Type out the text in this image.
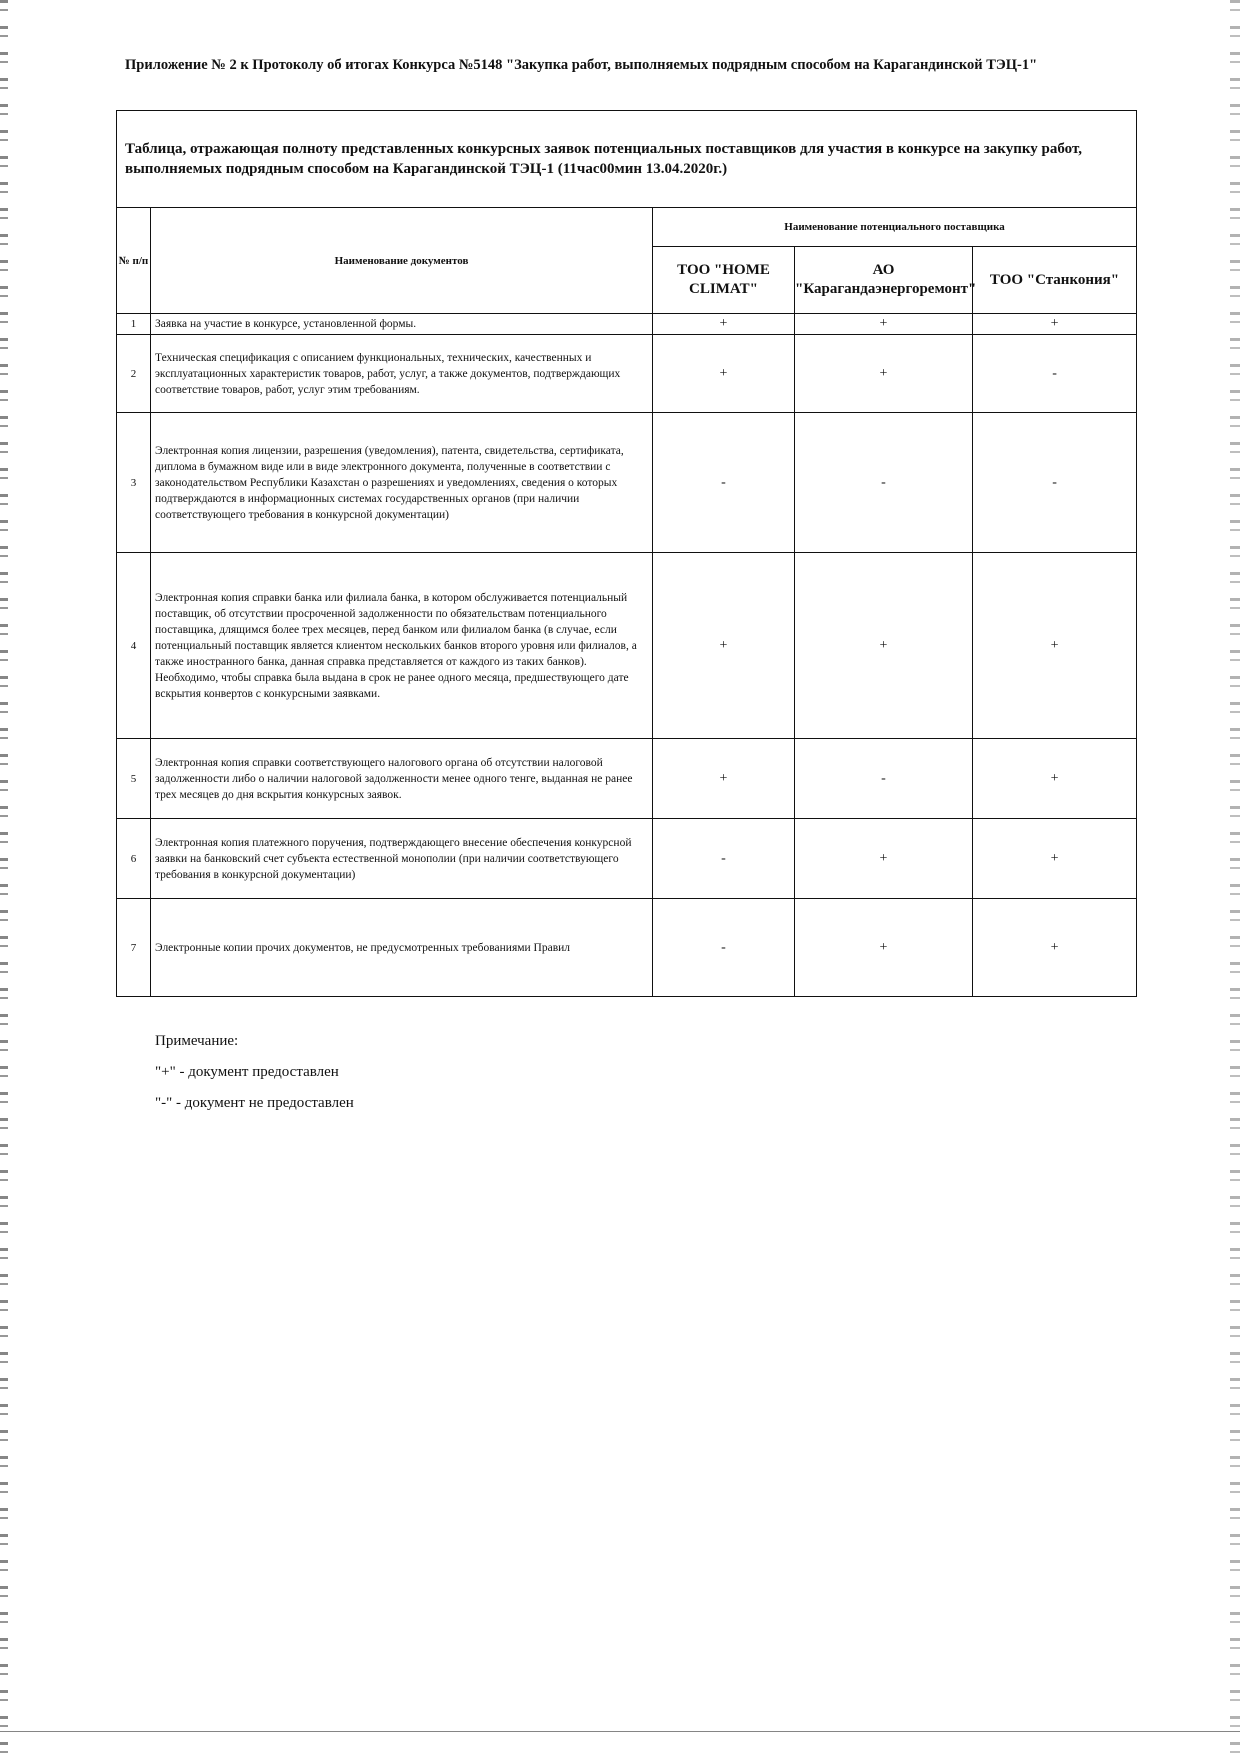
Приложение № 2 к Протоколу об итогах Конкурса №5148 "Закупка работ, выполняемых подрядным способом на Карагандинской ТЭЦ-1"
Таблица, отражающая полноту представленных конкурсных заявок потенциальных поставщиков для участия в конкурсе на закупку работ, выполняемых подрядным способом на Карагандинской ТЭЦ-1 (11час00мин 13.04.2020г.)				
№ п/п	Наименование документов	Наименование потенциального поставщика		
		ТОО "HOME CLIMAT"	АО "Карагандаэнергоремонт"	ТОО "Станкония"
1	Заявка на участие в конкурсе, установленной формы.	+	+	+
2	Техническая спецификация с описанием функциональных, технических, качественных и эксплуатационных характеристик товаров, работ, услуг, а также документов, подтверждающих соответствие товаров, работ, услуг этим требованиям.	+	+	-
3	Электронная копия лицензии, разрешения (уведомления), патента, свидетельства, сертификата, диплома в бумажном виде или в виде электронного документа, полученные в соответствии с законодательством Республики Казахстан о разрешениях и уведомлениях, сведения о которых подтверждаются в информационных системах государственных органов (при наличии соответствующего требования в конкурсной документации)	-	-	-
4	Электронная копия справки банка или филиала банка, в котором обслуживается потенциальный поставщик, об отсутствии просроченной задолженности по обязательствам потенциального поставщика, длящимся более трех месяцев, перед банком или филиалом банка (в случае, если потенциальный поставщик является клиентом нескольких банков второго уровня или филиалов, а также иностранного банка, данная справка представляется от каждого из таких банков). Необходимо, чтобы справка была выдана в срок не ранее одного месяца, предшествующего дате вскрытия конвертов с конкурсными заявками.	+	+	+
5	Электронная копия справки соответствующего налогового органа об отсутствии налоговой задолженности либо о наличии налоговой задолженности менее одного тенге, выданная не ранее трех месяцев до дня вскрытия конкурсных заявок.	+	-	+
6	Электронная копия платежного поручения, подтверждающего внесение обеспечения конкурсной заявки на банковский счет субъекта естественной монополии (при наличии соответствующего требования в конкурсной документации)	-	+	+
7	Электронные копии прочих документов, не предусмотренных требованиями Правил	-	+	+
Примечание:
"+" - документ предоставлен
"-" - документ не предоставлен
